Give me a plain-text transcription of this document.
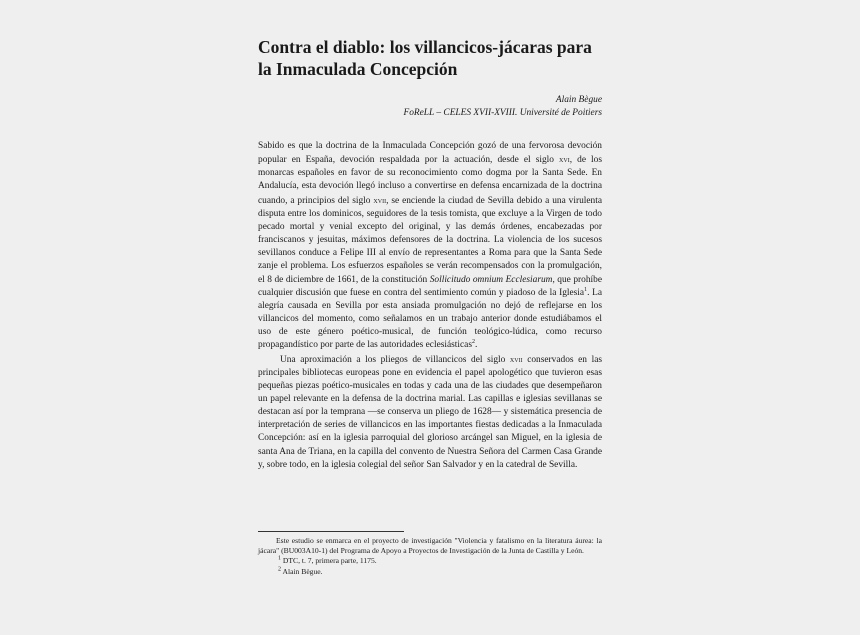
Contra el diablo: los villancicos-jácaras para
la Inmaculada Concepción
Alain Bègue
FoReLL – CELES XVII-XVIII. Université de Poitiers

Sabido es que la doctrina de la Inmaculada Concepción gozó de una fervorosa devoción popular en España, devoción respaldada por la actuación, desde el siglo xvi, de los monarcas españoles en favor de su reconocimiento como dogma por la Santa Sede. En Andalucía, esta devoción llegó incluso a convertirse en defensa encarnizada de la doctrina cuando, a principios del siglo xvii, se enciende la ciudad de Sevilla debido a una virulenta disputa entre los dominicos, seguidores de la tesis tomista, que excluye a la Virgen de todo pecado mortal y venial excepto del original, y las demás órdenes, encabezadas por franciscanos y jesuitas, máximos defensores de la doctrina. La violencia de los sucesos sevillanos conduce a Felipe III al envío de representantes a Roma para que la Santa Sede zanje el problema. Los esfuerzos españoles se verán recompensados con la promulgación, el 8 de diciembre de 1661, de la constitución Sollicitudo omnium Ecclesiarum, que prohíbe cualquier discusión que fuese en contra del sentimiento común y piadoso de la Iglesia$^1$. La alegría causada en Sevilla por esta ansiada promulgación no dejó de reflejarse en los villancicos del momento, como señalamos en un trabajo anterior donde estudiábamos el uso de este género poético-musical, de función teológico-lúdica, como recurso propagandístico por parte de las autoridades eclesiásticas$^2$.

Una aproximación a los pliegos de villancicos del siglo xvii conservados en las principales bibliotecas europeas pone en evidencia el papel apologético que tuvieron esas pequeñas piezas poético-musicales en todas y cada una de las ciudades que desempeñaron un papel relevante en la defensa de la doctrina marial. Las capillas e iglesias sevillanas se destacan así por la temprana —se conserva un pliego de 1628— y sistemática presencia de interpretación de series de villancicos en las importantes fiestas dedicadas a la Inmaculada Concepción: así en la iglesia parroquial del glorioso arcángel san Miguel, en la iglesia de santa Ana de Triana, en la capilla del convento de Nuestra Señora del Carmen Casa Grande y, sobre todo, en la iglesia colegial del señor San Salvador y en la catedral de Sevilla.

Este estudio se enmarca en el proyecto de investigación "Violencia y fatalismo en la literatura áurea: la jácara" (BU003A10-1) del Programa de Apoyo a Proyectos de Investigación de la Junta de Castilla y León.

$^1$ DTC, t. 7, primera parte, 1175.

$^2$ Alain Bègue.
